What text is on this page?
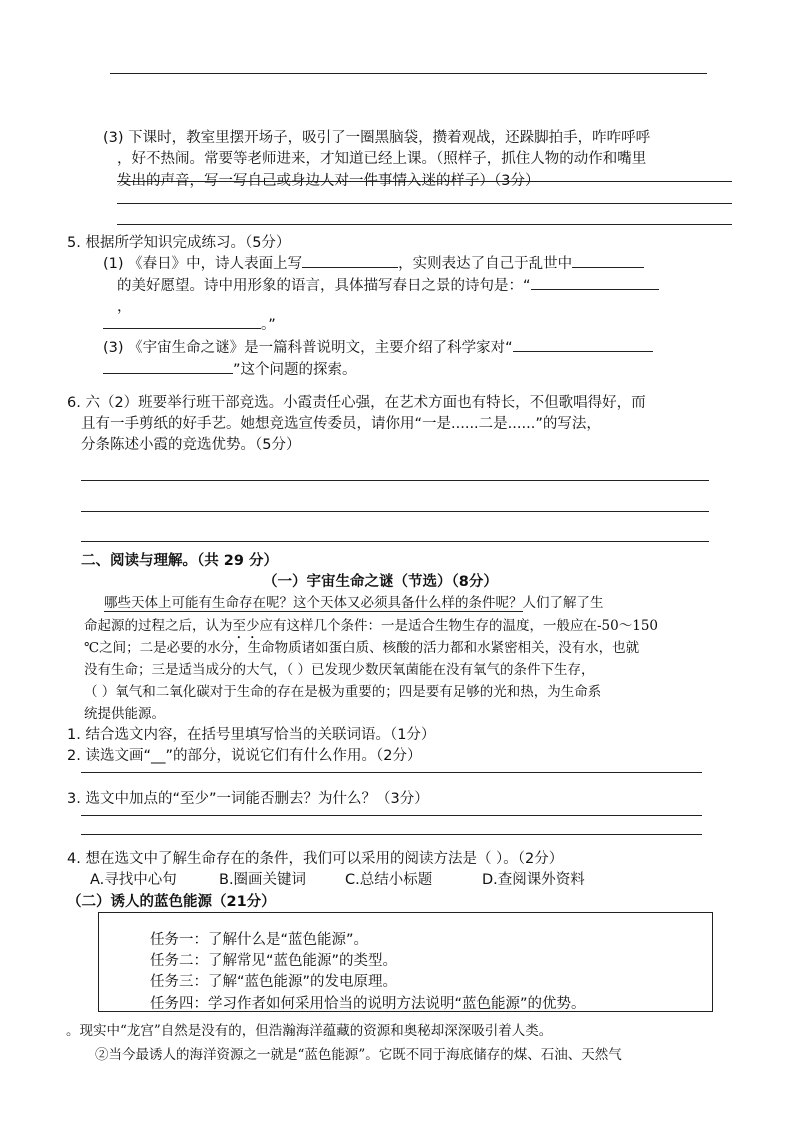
(3) 下课时，教室里摆开场子，吸引了一圈黑脑袋，攒着观战，还跺脚拍手，咋咋呼呼
，好不热闹。常要等老师进来，才知道已经上课。（照样子，抓住人物的动作和嘴里
发出的声音，写一写自己或身边人对一件事情入迷的样子）（3分）
5. 根据所学知识完成练习。（5分）
(1) 《春日》中，诗人表面上写	，实则表达了自己于乱世中
的美好愿望。诗中用形象的语言，具体描写春日之景的诗句是：“
，
。”
(3) 《宇宙生命之谜》是一篇科普说明文，主要介绍了科学家对“
”这个问题的探索。
6. 六（2）班要举行班干部竞选。小霞责任心强，在艺术方面也有特长，不但歌唱得好，而
且有一手剪纸的好手艺。她想竞选宣传委员，请你用“一是......二是......”的写法，
分条陈述小霞的竞选优势。（5分）
二、阅读与理解。（共 29 分）
（一）宇宙生命之谜（节选）（8分）
哪些天体上可能有生命存在呢？这个天体又必须具备什么样的条件呢？人们了解了生
命起源的过程之后，认为至少应有这样几个条件：一是适合生物生存的温度，一般应在-50～150
℃之间；二是必要的水分，生命物质诸如蛋白质、核酸的活力都和水紧密相关，没有水，也就
没有生命；三是适当成分的大气，（ ）已发现少数厌氧菌能在没有氧气的条件下生存，
（ ）氧气和二氧化碳对于生命的存在是极为重要的；四是要有足够的光和热，为生命系
统提供能源。
1. 结合选文内容，在括号里填写恰当的关联词语。（1分）
2. 读选文画“__”的部分，说说它们有什么作用。（2分）
3. 选文中加点的“至少”一词能否删去？为什么？（3分）
4. 想在选文中了解生命存在的条件，我们可以采用的阅读方法是（ ）。（2分）
A.寻找中心句	B.圈画关键词	C.总结小标题	D.查阅课外资料
（二）诱人的蓝色能源（21分）
任务一：了解什么是“蓝色能源”。
任务二：了解常见“蓝色能源”的类型。
任务三：了解“蓝色能源”的发电原理。
任务四：学习作者如何采用恰当的说明方法说明“蓝色能源”的优势。
。现实中“龙宫”自然是没有的，但浩瀚海洋蕴藏的资源和奥秘却深深吸引着人类。
②当今最诱人的海洋资源之一就是“蓝色能源”。它既不同于海底储存的煤、石油、天然气
